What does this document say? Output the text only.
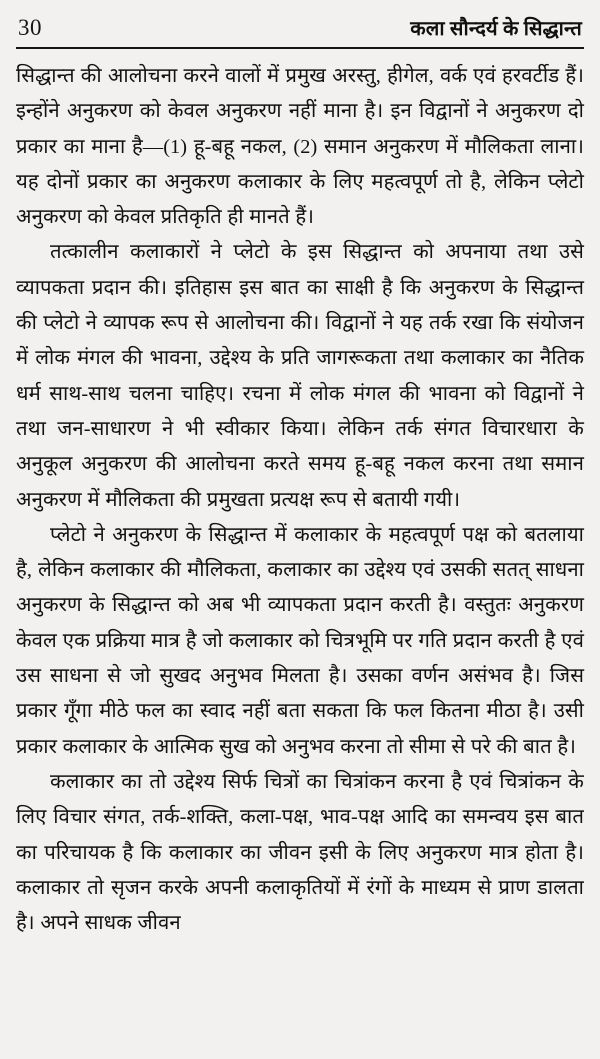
30	कला सौन्दर्य के सिद्धान्त

सिद्धान्त की आलोचना करने वालों में प्रमुख अरस्तु, हीगेल, वर्क एवं हरवर्टीड हैं। इन्होंने अनुकरण को केवल अनुकरण नहीं माना है। इन विद्वानों ने अनुकरण दो प्रकार का माना है—(1) हू-बहू नकल, (2) समान अनुकरण में मौलिकता लाना। यह दोनों प्रकार का अनुकरण कलाकार के लिए महत्वपूर्ण तो है, लेकिन प्लेटो अनुकरण को केवल प्रतिकृति ही मानते हैं।

तत्कालीन कलाकारों ने प्लेटो के इस सिद्धान्त को अपनाया तथा उसे व्यापकता प्रदान की। इतिहास इस बात का साक्षी है कि अनुकरण के सिद्धान्त की प्लेटो ने व्यापक रूप से आलोचना की। विद्वानों ने यह तर्क रखा कि संयोजन में लोक मंगल की भावना, उद्देश्य के प्रति जागरूकता तथा कलाकार का नैतिक धर्म साथ-साथ चलना चाहिए। रचना में लोक मंगल की भावना को विद्वानों ने तथा जन-साधारण ने भी स्वीकार किया। लेकिन तर्क संगत विचारधारा के अनुकूल अनुकरण की आलोचना करते समय हू-बहू नकल करना तथा समान अनुकरण में मौलिकता की प्रमुखता प्रत्यक्ष रूप से बतायी गयी।

प्लेटो ने अनुकरण के सिद्धान्त में कलाकार के महत्वपूर्ण पक्ष को बतलाया है, लेकिन कलाकार की मौलिकता, कलाकार का उद्देश्य एवं उसकी सतत् साधना अनुकरण के सिद्धान्त को अब भी व्यापकता प्रदान करती है। वस्तुतः अनुकरण केवल एक प्रक्रिया मात्र है जो कलाकार को चित्रभूमि पर गति प्रदान करती है एवं उस साधना से जो सुखद अनुभव मिलता है। उसका वर्णन असंभव है। जिस प्रकार गूँगा मीठे फल का स्वाद नहीं बता सकता कि फल कितना मीठा है। उसी प्रकार कलाकार के आत्मिक सुख को अनुभव करना तो सीमा से परे की बात है।

कलाकार का तो उद्देश्य सिर्फ चित्रों का चित्रांकन करना है एवं चित्रांकन के लिए विचार संगत, तर्क-शक्ति, कला-पक्ष, भाव-पक्ष आदि का समन्वय इस बात का परिचायक है कि कलाकार का जीवन इसी के लिए अनुकरण मात्र होता है। कलाकार तो सृजन करके अपनी कलाकृतियों में रंगों के माध्यम से प्राण डालता है। अपने साधक जीवन
